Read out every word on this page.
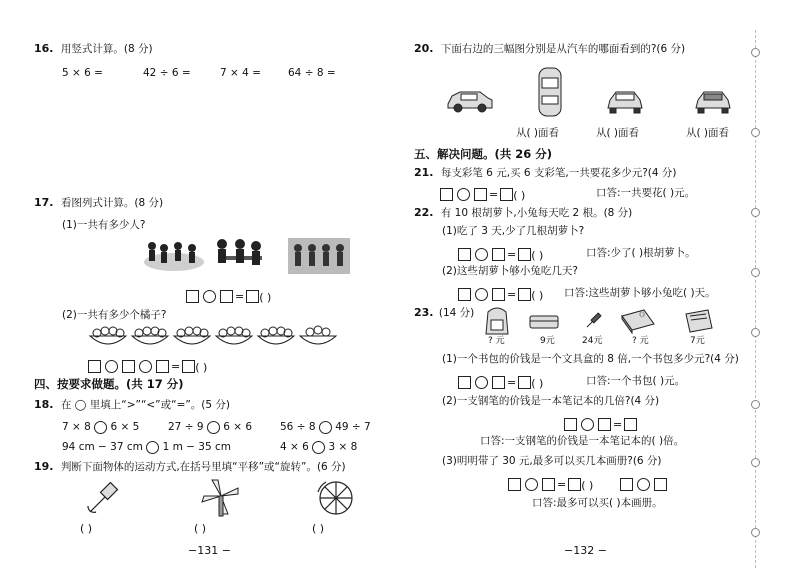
16. 用竖式计算。(8 分)
5 × 6 =	42 ÷ 6 =	7 × 4 =	64 ÷ 8 =
17. 看图列式计算。(8 分)
(1)一共有多少人?
= ( )
(2)一共有多少个橘子?
= ( )
四、按要求做题。(共 17 分)
18. 在 ◯ 里填上“>”“<”或“=”。(5 分)
7 × 8 6 × 5	27 ÷ 9 6 × 6	56 ÷ 8 49 ÷ 7
94 cm − 37 cm 1 m − 35 cm	4 × 6 3 × 8
19. 判断下面物体的运动方式,在括号里填“平移”或“旋转”。(6 分)
( )	( )	( )
−131 −
20. 下面右边的三幅图分别是从汽车的哪面看到的?(6 分)
从( )面看	从( )面看	从( )面看
五、解决问题。(共 26 分)
21. 每支彩笔 6 元,买 6 支彩笔,一共要花多少元?(4 分)
= ( )	口答:一共要花( )元。
22. 有 10 根胡萝卜,小兔每天吃 2 根。(8 分)
(1)吃了 3 天,少了几根胡萝卜?
= ( )	口答:少了( )根胡萝卜。
(2)这些胡萝卜够小兔吃几天?
= ( ) 口答:这些胡萝卜够小兔吃( )天。
23. (14 分)	《》
? 元	9元	24元	? 元	7元
(1)一个书包的价钱是一个文具盒的 8 倍,一个书包多少元?(4 分)
= ( )	口答:一个书包( )元。
(2)一支钢笔的价钱是一本笔记本的几倍?(4 分)
=
口答:一支钢笔的价钱是一本笔记本的( )倍。
(3)明明带了 30 元,最多可以买几本画册?(6 分)
= ( )
口答:最多可以买( )本画册。
−132 −
